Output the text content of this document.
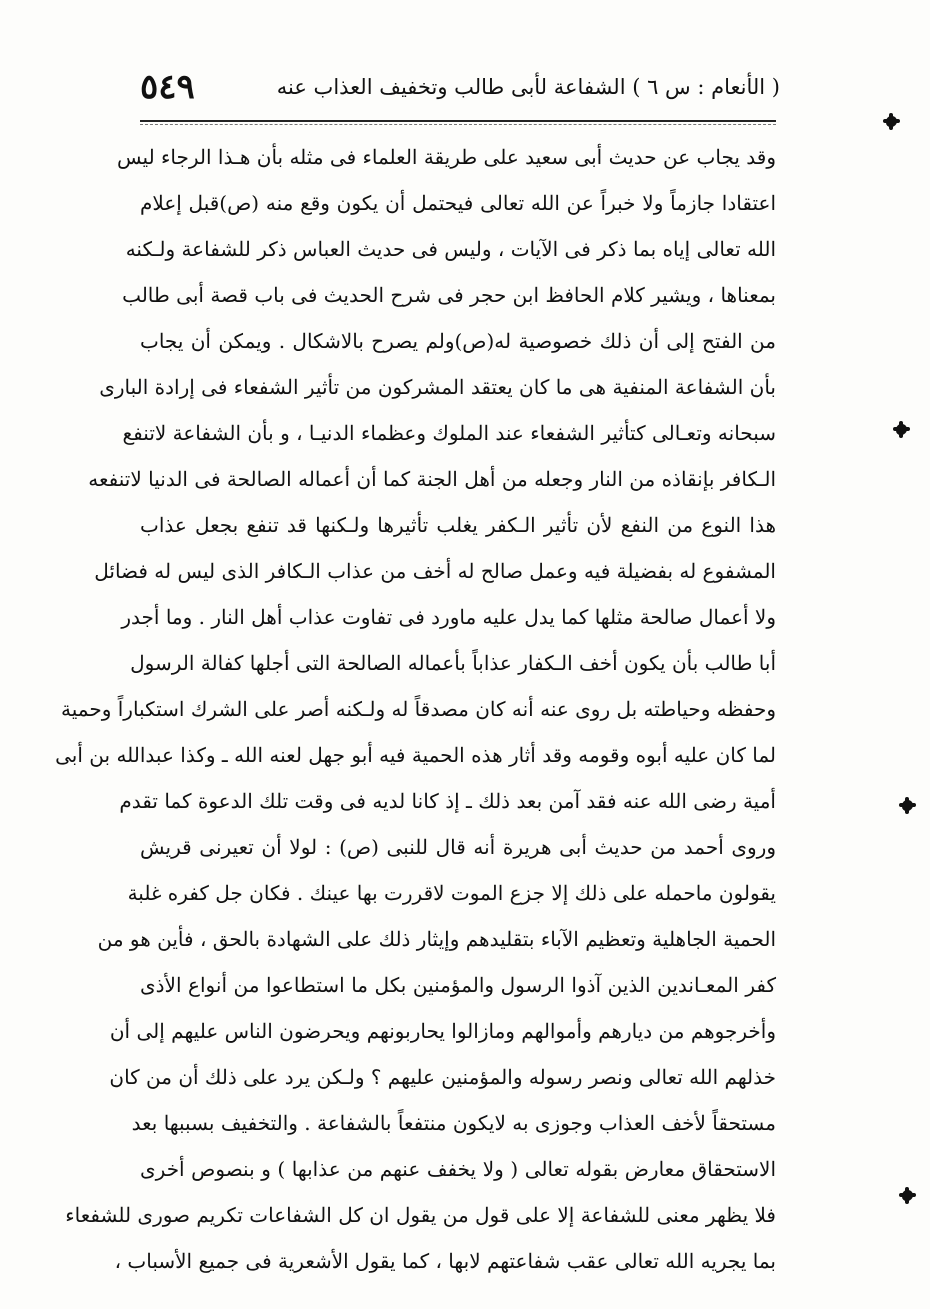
( الأنعام : س ٦ ) الشفاعة لأبى طالب وتخفيف العذاب عنه
٥٤٩
وقد يجاب عن حديث أبى سعيد على طريقة العلماء فى مثله بأن هـذا الرجاء ليس
اعتقادا جازماً ولا خبراً عن الله تعالى فيحتمل أن يكون وقع منه (ص)قبل إعلام
الله تعالى إياه بما ذكر فى الآيات ، وليس فى حديث العباس ذكر للشفاعة ولـكنه
بمعناها ، ويشير كلام الحافظ ابن حجر فى شرح الحديث فى باب قصة أبى طالب
من الفتح إلى أن ذلك خصوصية له(ص)ولم يصرح بالاشكال . ويمكن أن يجاب
بأن الشفاعة المنفية هى ما كان يعتقد المشركون من تأثير الشفعاء فى إرادة البارى
سبحانه وتعـالى كتأثير الشفعاء عند الملوك وعظماء الدنيـا ، و بأن الشفاعة لاتنفع
الـكافر بإنقاذه من النار وجعله من أهل الجنة كما أن أعماله الصالحة فى الدنيا لاتنفعه
هذا النوع من النفع لأن تأثير الـكفر يغلب تأثيرها ولـكنها قد تنفع بجعل عذاب
المشفوع له بفضيلة فيه وعمل صالح له أخف من عذاب الـكافر الذى ليس له فضائل
ولا أعمال صالحة مثلها كما يدل عليه ماورد فى تفاوت عذاب أهل النار . وما أجدر
أبا طالب بأن يكون أخف الـكفار عذاباً بأعماله الصالحة التى أجلها كفالة الرسول
وحفظه وحياطته بل روى عنه أنه كان مصدقاً له ولـكنه أصر على الشرك استكباراً وحمية
لما كان عليه أبوه وقومه وقد أثار هذه الحمية فيه أبو جهل لعنه الله ـ وكذا عبدالله بن أبى
أمية رضى الله عنه فقد آمن بعد ذلك ـ إذ كانا لديه فى وقت تلك الدعوة كما تقدم
وروى أحمد من حديث أبى هريرة أنه قال للنبى (ص) : لولا أن تعيرنى قريش
يقولون ماحمله على ذلك إلا جزع الموت لاقررت بها عينك . فكان جل كفره غلبة
الحمية الجاهلية وتعظيم الآباء بتقليدهم وإيثار ذلك على الشهادة بالحق ، فأين هو من
كفر المعـاندين الذين آذوا الرسول والمؤمنين بكل ما استطاعوا من أنواع الأذى
وأخرجوهم من ديارهم وأموالهم ومازالوا يحاربونهم ويحرضون الناس عليهم إلى أن
خذلهم الله تعالى ونصر رسوله والمؤمنين عليهم ؟ ولـكن يرد على ذلك أن من كان
مستحقاً لأخف العذاب وجوزى به لايكون منتفعاً بالشفاعة . والتخفيف بسببها بعد
الاستحقاق معارض بقوله تعالى ( ولا يخفف عنهم من عذابها ) و بنصوص أخرى
فلا يظهر معنى للشفاعة إلا على قول من يقول ان كل الشفاعات تكريم صورى للشفعاء
بما يجريه الله تعالى عقب شفاعتهم لابها ، كما يقول الأشعرية فى جميع الأسباب ،
